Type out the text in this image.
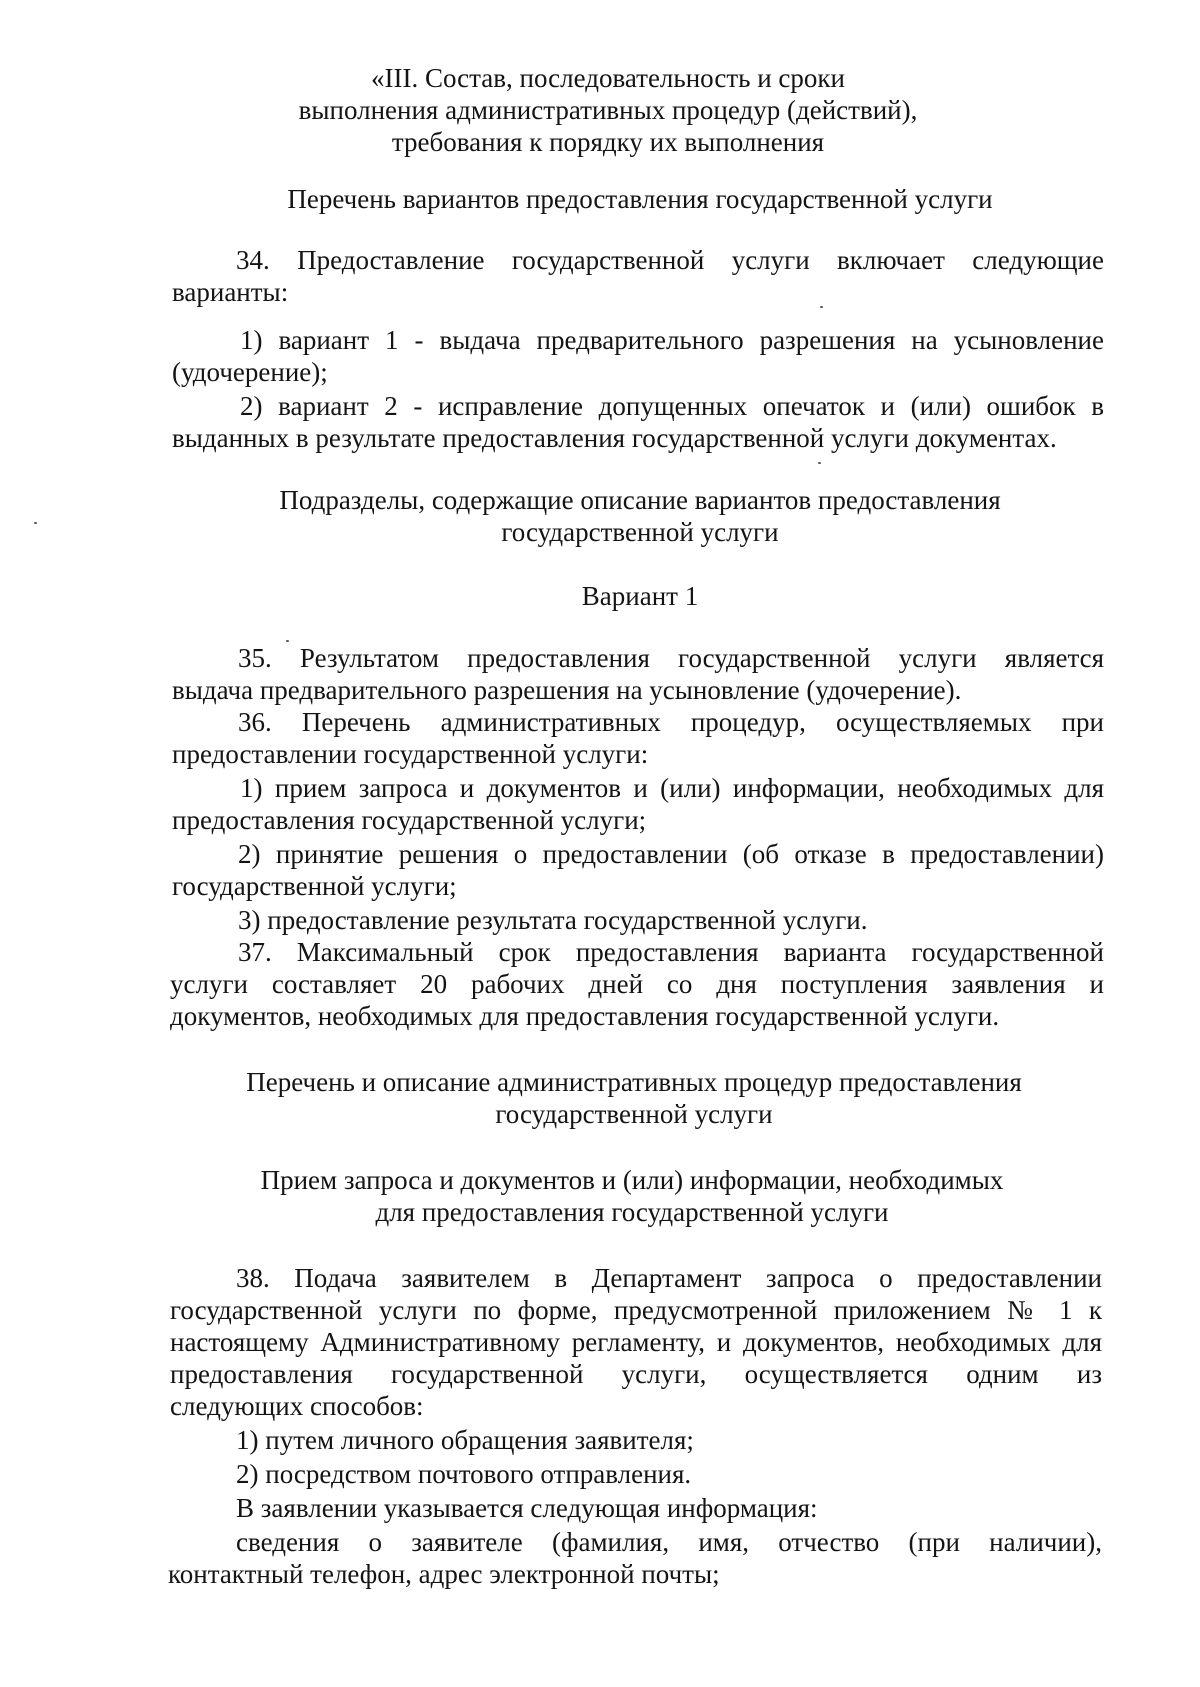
«III. Состав, последовательность и сроки
выполнения административных процедур (действий),
требования к порядку их выполнения
Перечень вариантов предоставления государственной услуги
34. Предоставление государственной услуги включает следующие
варианты:
1) вариант 1 - выдача предварительного разрешения на усыновление
(удочерение);
2) вариант 2 - исправление допущенных опечаток и (или) ошибок в
выданных в результате предоставления государственной услуги документах.
Подразделы, содержащие описание вариантов предоставления
государственной услуги
Вариант 1
35. Результатом предоставления государственной услуги является
выдача предварительного разрешения на усыновление (удочерение).
36. Перечень административных процедур, осуществляемых при
предоставлении государственной услуги:
1) прием запроса и документов и (или) информации, необходимых для
предоставления государственной услуги;
2) принятие решения о предоставлении (об отказе в предоставлении)
государственной услуги;
3) предоставление результата государственной услуги.
37. Максимальный срок предоставления варианта государственной
услуги составляет 20 рабочих дней со дня поступления заявления и
документов, необходимых для предоставления государственной услуги.
Перечень и описание административных процедур предоставления
государственной услуги
Прием запроса и документов и (или) информации, необходимых
для предоставления государственной услуги
38. Подача заявителем в Департамент запроса о предоставлении
государственной услуги по форме, предусмотренной приложением № 1 к
настоящему Административному регламенту, и документов, необходимых для
предоставления государственной услуги, осуществляется одним из
следующих способов:
1) путем личного обращения заявителя;
2) посредством почтового отправления.
В заявлении указывается следующая информация:
сведения о заявителе (фамилия, имя, отчество (при наличии),
контактный телефон, адрес электронной почты;
